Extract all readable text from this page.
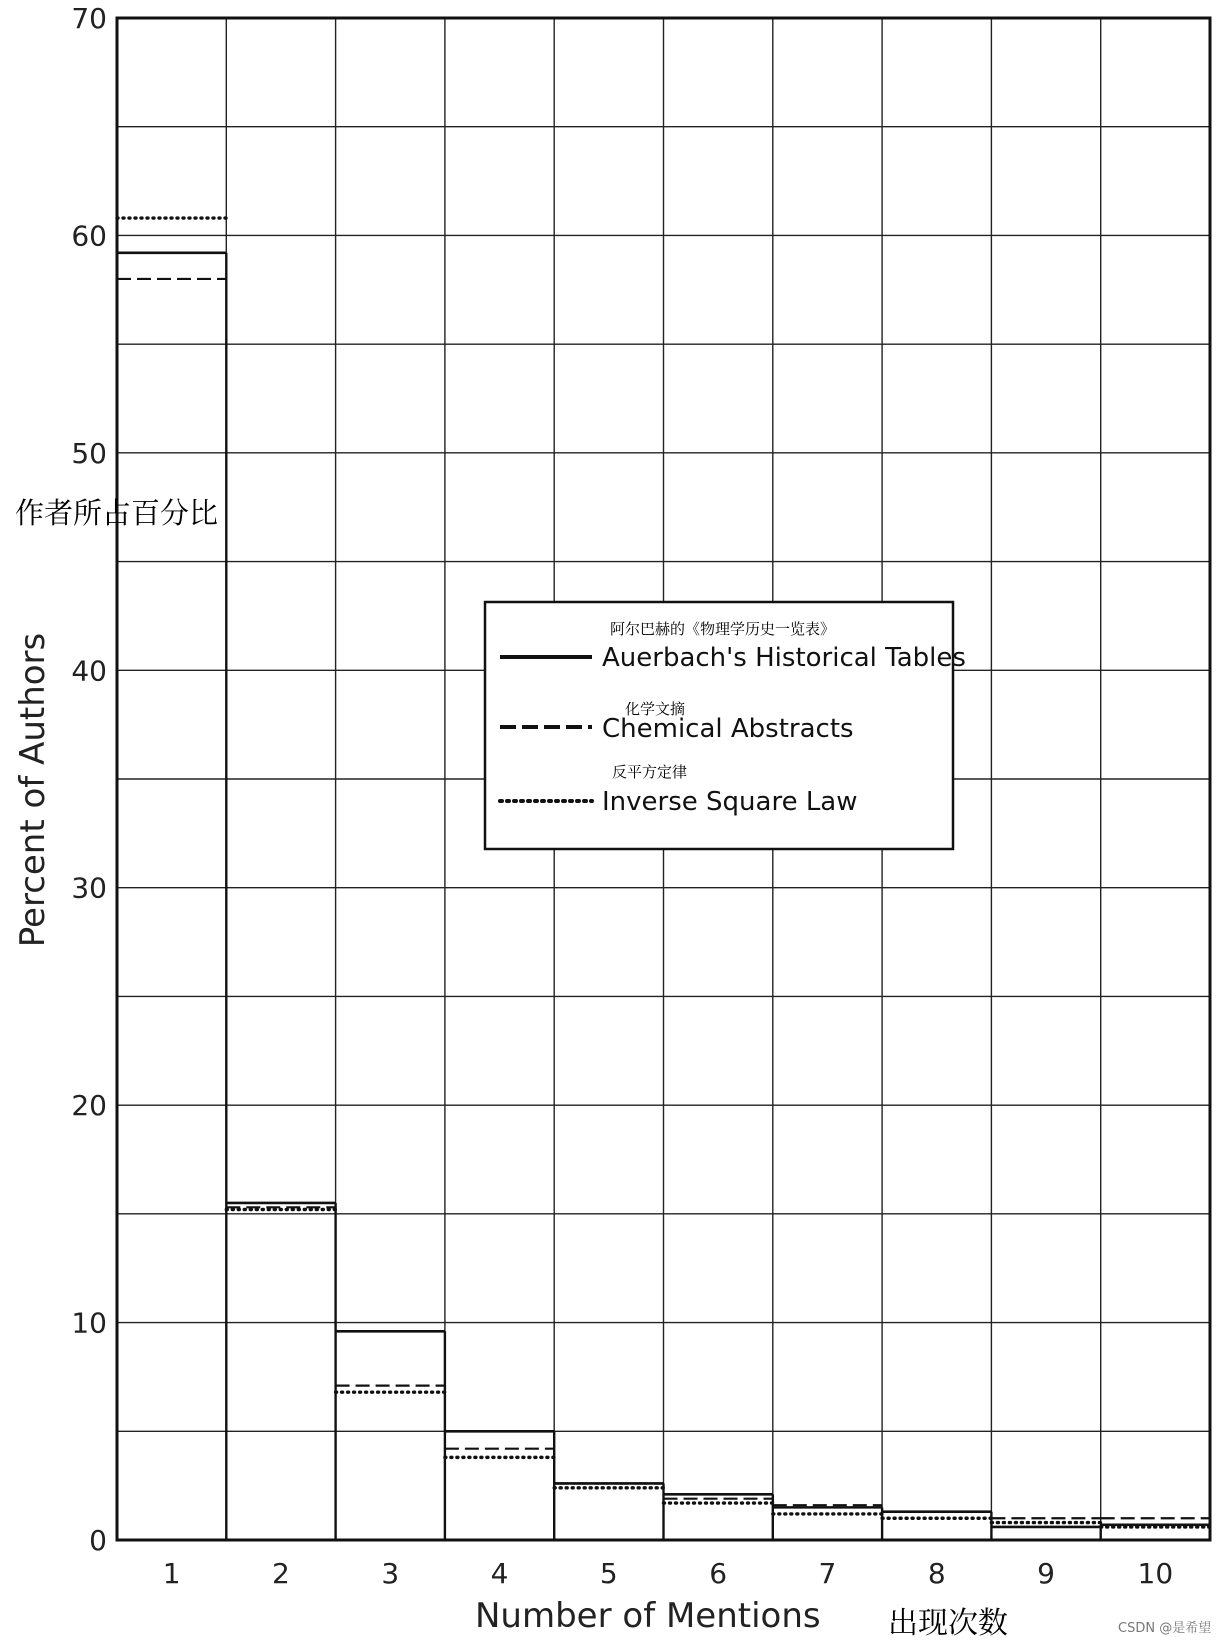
0
10
20
30
40
50
60
70
1	2	3	4	5	6	7	8	9	10
Percent of Authors
作者所占百分比
Number of Mentions 出现次数
阿尔巴赫的《物理学历史一览表》
Auerbach's Historical Tables
化学文摘
Chemical Abstracts
反平方定律
Inverse Square Law
CSDN @是希望
